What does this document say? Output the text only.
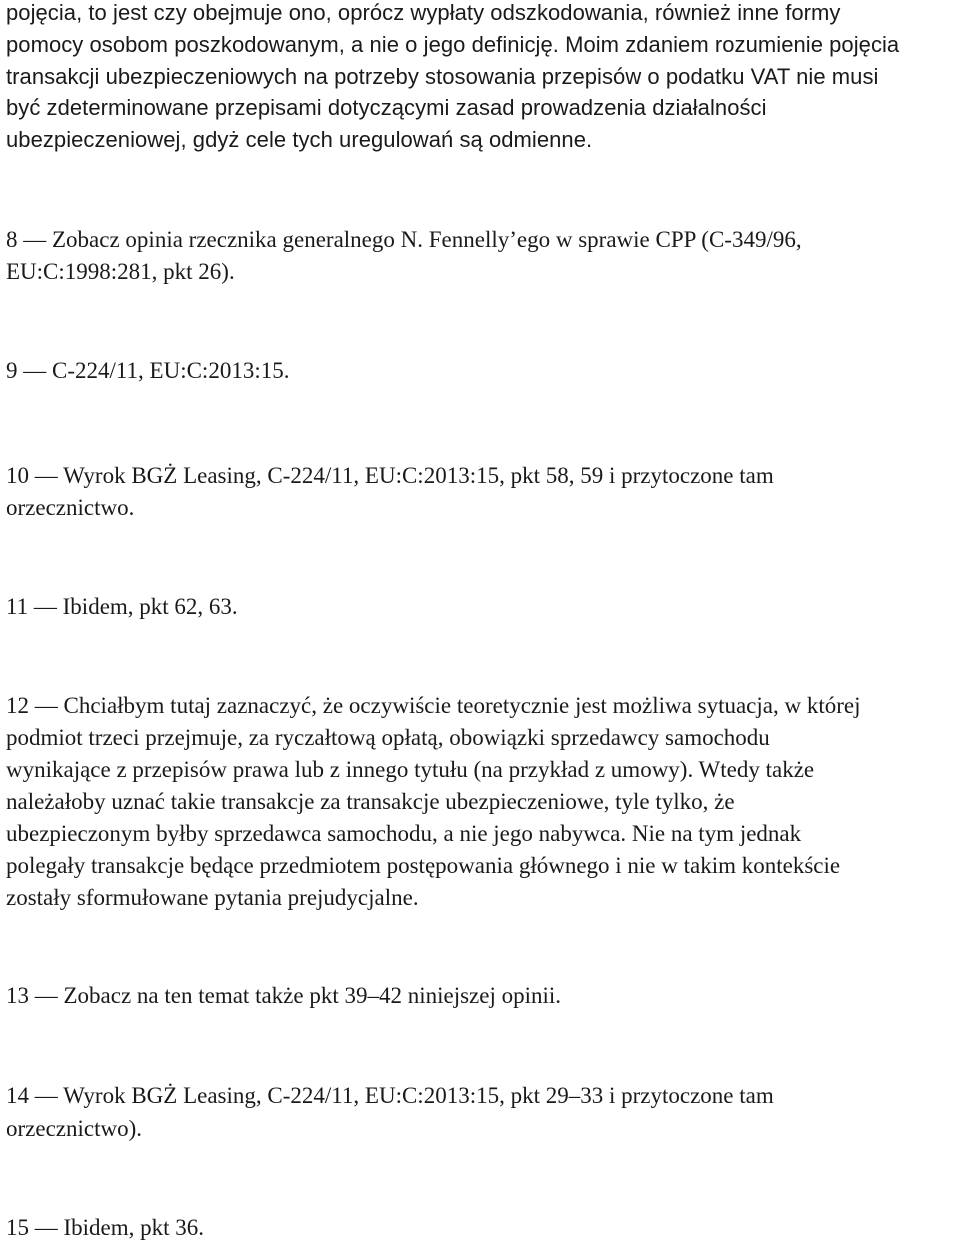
pojęcia, to jest czy obejmuje ono, oprócz wypłaty odszkodowania, również inne formy
pomocy osobom poszkodowanym, a nie o jego definicję. Moim zdaniem rozumienie pojęcia
transakcji ubezpieczeniowych na potrzeby stosowania przepisów o podatku VAT nie musi
być zdeterminowane przepisami dotyczącymi zasad prowadzenia działalności
ubezpieczeniowej, gdyż cele tych uregulowań są odmienne.
8 ― Zobacz opinia rzecznika generalnego N. Fennelly’ego w sprawie CPP (C‑349/96,
EU:C:1998:281, pkt 26).
9 ― C‑224/11, EU:C:2013:15.
10 ― Wyrok BGŻ Leasing, C‑224/11, EU:C:2013:15, pkt 58, 59 i przytoczone tam
orzecznictwo.
11 ― Ibidem, pkt 62, 63.
12 ― Chciałbym tutaj zaznaczyć, że oczywiście teoretycznie jest możliwa sytuacja, w której
podmiot trzeci przejmuje, za ryczałtową opłatą, obowiązki sprzedawcy samochodu
wynikające z przepisów prawa lub z innego tytułu (na przykład z umowy). Wtedy także
należałoby uznać takie transakcje za transakcje ubezpieczeniowe, tyle tylko, że
ubezpieczonym byłby sprzedawca samochodu, a nie jego nabywca. Nie na tym jednak
polegały transakcje będące przedmiotem postępowania głównego i nie w takim kontekście
zostały sformułowane pytania prejudycjalne.
13 ― Zobacz na ten temat także pkt 39–42 niniejszej opinii.
14 ― Wyrok BGŻ Leasing, C‑224/11, EU:C:2013:15, pkt 29–33 i przytoczone tam
orzecznictwo).
15 ― Ibidem, pkt 36.
